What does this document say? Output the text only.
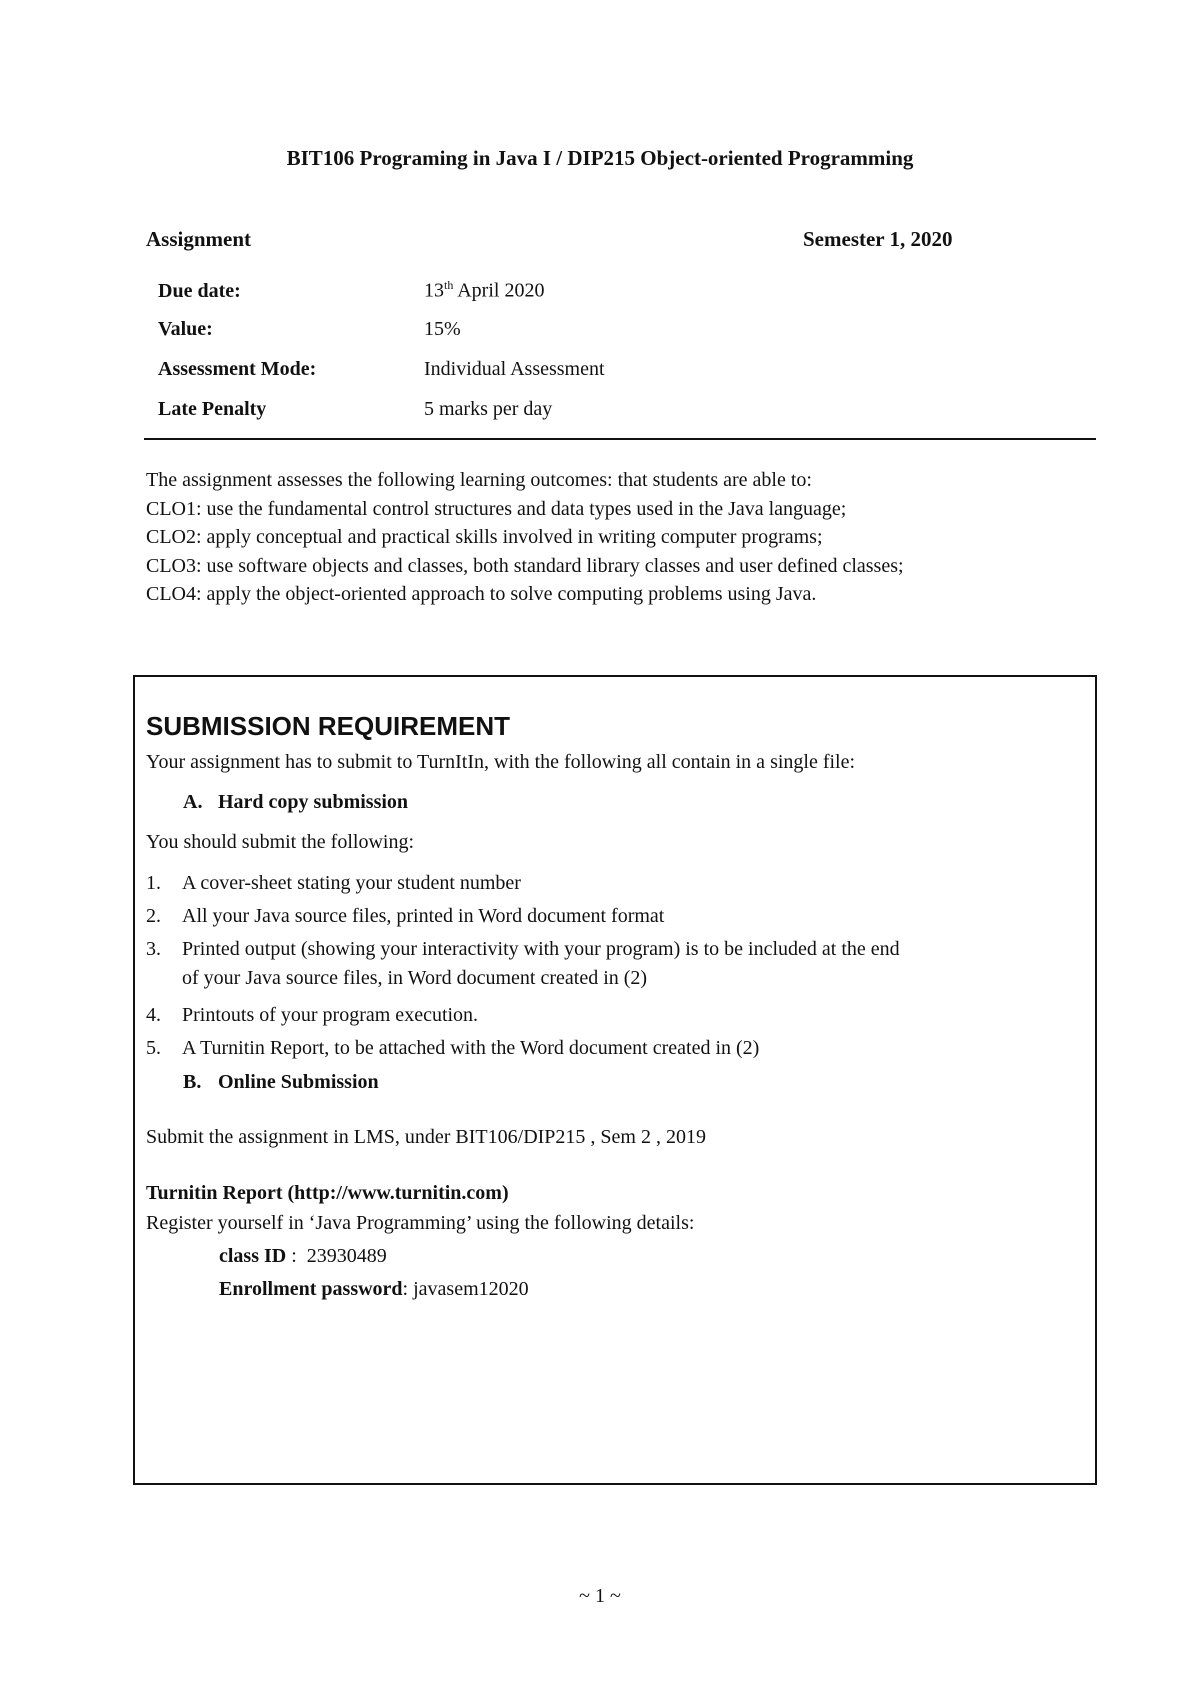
BIT106 Programing in Java I / DIP215 Object-oriented Programming
Assignment	Semester 1, 2020
Due date:	13th April 2020
Value:	15%
Assessment Mode:	Individual Assessment
Late Penalty	5 marks per day
The assignment assesses the following learning outcomes: that students are able to:
CLO1: use the fundamental control structures and data types used in the Java language;
CLO2: apply conceptual and practical skills involved in writing computer programs;
CLO3: use software objects and classes, both standard library classes and user defined classes;
CLO4: apply the object-oriented approach to solve computing problems using Java.
SUBMISSION REQUIREMENT
Your assignment has to submit to TurnItIn, with the following all contain in a single file:
A. Hard copy submission
You should submit the following:
1. A cover-sheet stating your student number
2. All your Java source files, printed in Word document format
3. Printed output (showing your interactivity with your program) is to be included at the end
of your Java source files, in Word document created in (2)
4. Printouts of your program execution.
5. A Turnitin Report, to be attached with the Word document created in (2)
B. Online Submission
Submit the assignment in LMS, under BIT106/DIP215 , Sem 2 , 2019
Turnitin Report (http://www.turnitin.com)
Register yourself in ‘Java Programming’ using the following details:
class ID :  23930489
Enrollment password: javasem12020
~ 1 ~
